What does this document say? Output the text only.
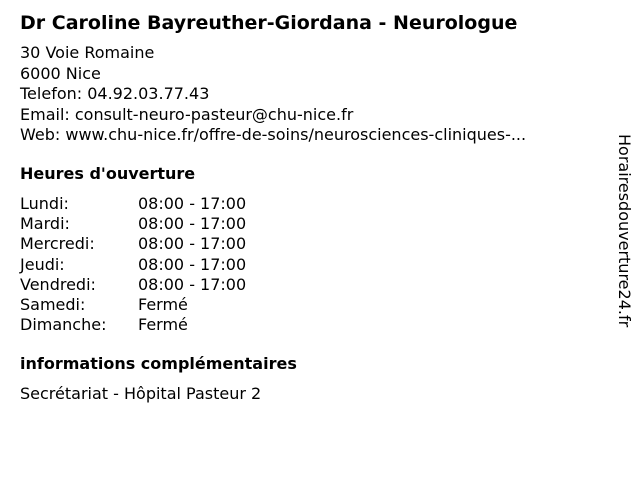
Dr Caroline Bayreuther-Giordana - Neurologue
30 Voie Romaine
6000 Nice
Telefon: 04.92.03.77.43
Email: consult-neuro-pasteur@chu-nice.fr
Web: www.chu-nice.fr/offre-de-soins/neurosciences-cliniques-...
Heures d'ouverture
Lundi:	08:00 - 17:00
Mardi:	08:00 - 17:00
Mercredi:	08:00 - 17:00
Jeudi:	08:00 - 17:00
Vendredi:	08:00 - 17:00
Samedi:	Fermé
Dimanche:	Fermé
informations complémentaires
Secrétariat - Hôpital Pasteur 2
Horairesdouverture24.fr
